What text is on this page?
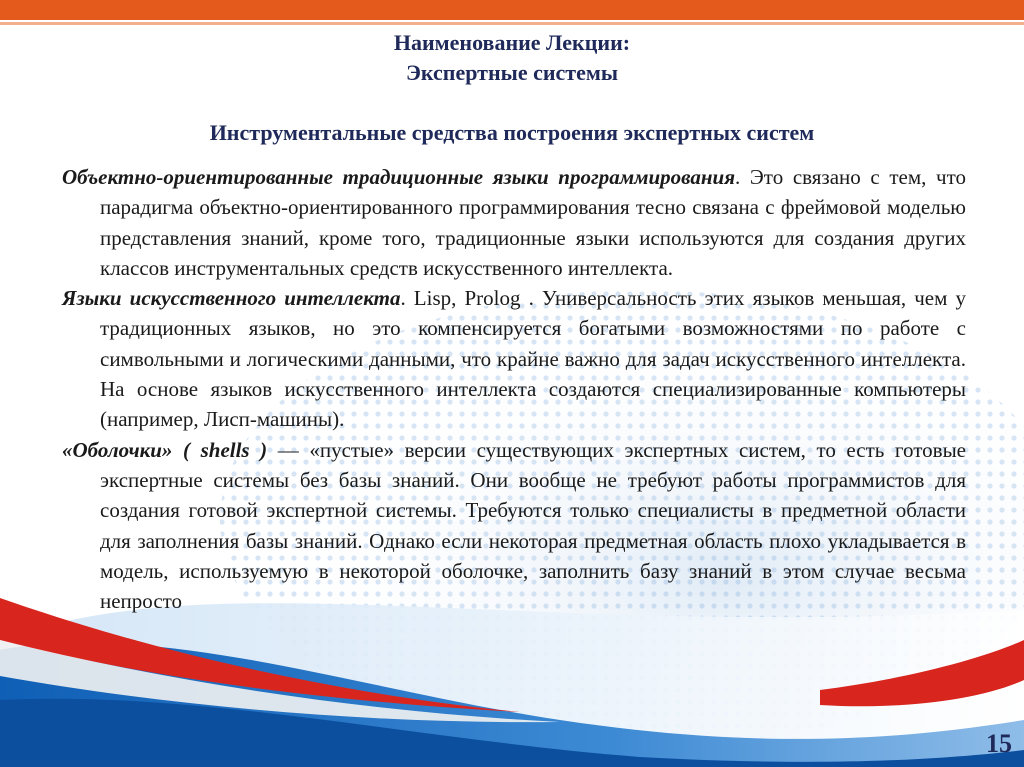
Наименование Лекции:
Экспертные системы
Инструментальные средства построения экспертных систем

Объектно-ориентированные традиционные языки программирования. Это связано с тем, что парадигма объектно-ориентированного программирования тесно связана с фреймовой моделью представления знаний, кроме того, традиционные языки используются для создания других классов инструментальных средств искусственного интеллекта.

Языки искусственного интеллекта. Lisp, Prolog . Универсальность этих языков меньшая, чем у традиционных языков, но это компенсируется богатыми возможностями по работе с символьными и логическими данными, что крайне важно для задач искусственного интеллекта. На основе языков искусственного интеллекта создаются специализированные компьютеры (например, Лисп-машины).

«Оболочки» ( shells ) — «пустые» версии существующих экспертных систем, то есть готовые экспертные системы без базы знаний. Они вообще не требуют работы программистов для создания готовой экспертной системы. Требуются только специалисты в предметной области для заполнения базы знаний. Однако если некоторая предметная область плохо укладывается в модель, используемую в некоторой оболочке, заполнить базу знаний в этом случае весьма непросто

15
